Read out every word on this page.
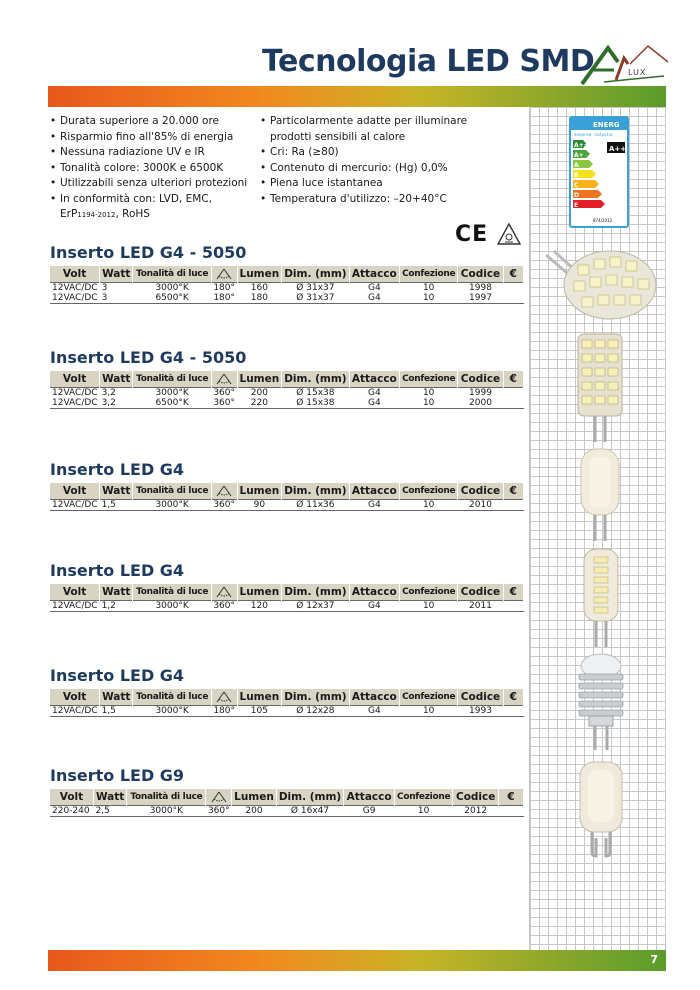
Tecnologia LED SMD	LUX
ENERG
енергия · ενέργεια
A++
A+
A
B
C
D
E
A++
874/2012
• Durata superiore a 20.000 ore
• Risparmio fino all'85% di energia
• Nessuna radiazione UV e IR
• Tonalità colore: 3000K e 6500K
• Utilizzabili senza ulteriori protezioni
• In conformità con: LVD, EMC,
ErP1194-2012, RoHS
• Particolarmente adatte per illuminare
prodotti sensibili al calore
• Cri: Ra (≥80)
• Contenuto di mercurio: (Hg) 0,0%
• Piena luce istantanea
• Temperatura d'utilizzo: –20+40°C
CE
Inserto LED G4 - 5050
Volt	Watt	Tonalità di luce		Lumen	Dim. (mm)	Attacco	Confezione	Codice	€
12VAC/DC	3	3000°K	180°	160	Ø 31x37	G4	10	1998	
12VAC/DC	3	6500°K	180°	180	Ø 31x37	G4	10	1997	
Inserto LED G4 - 5050
Volt	Watt	Tonalità di luce		Lumen	Dim. (mm)	Attacco	Confezione	Codice	€
12VAC/DC	3,2	3000°K	360°	200	Ø 15x38	G4	10	1999	
12VAC/DC	3,2	6500°K	360°	220	Ø 15x38	G4	10	2000	
Inserto LED G4
Volt	Watt	Tonalità di luce		Lumen	Dim. (mm)	Attacco	Confezione	Codice	€
12VAC/DC	1,5	3000°K	360°	90	Ø 11x36	G4	10	2010	
Inserto LED G4
Volt	Watt	Tonalità di luce		Lumen	Dim. (mm)	Attacco	Confezione	Codice	€
12VAC/DC	1,2	3000°K	360°	120	Ø 12x37	G4	10	2011	
Inserto LED G4
Volt	Watt	Tonalità di luce		Lumen	Dim. (mm)	Attacco	Confezione	Codice	€
12VAC/DC	1,5	3000°K	180°	105	Ø 12x28	G4	10	1993	
Inserto LED G9
Volt	Watt	Tonalità di luce		Lumen	Dim. (mm)	Attacco	Confezione	Codice	€
220-240	2,5	3000°K	360°	200	Ø 16x47	G9	10	2012	
7
